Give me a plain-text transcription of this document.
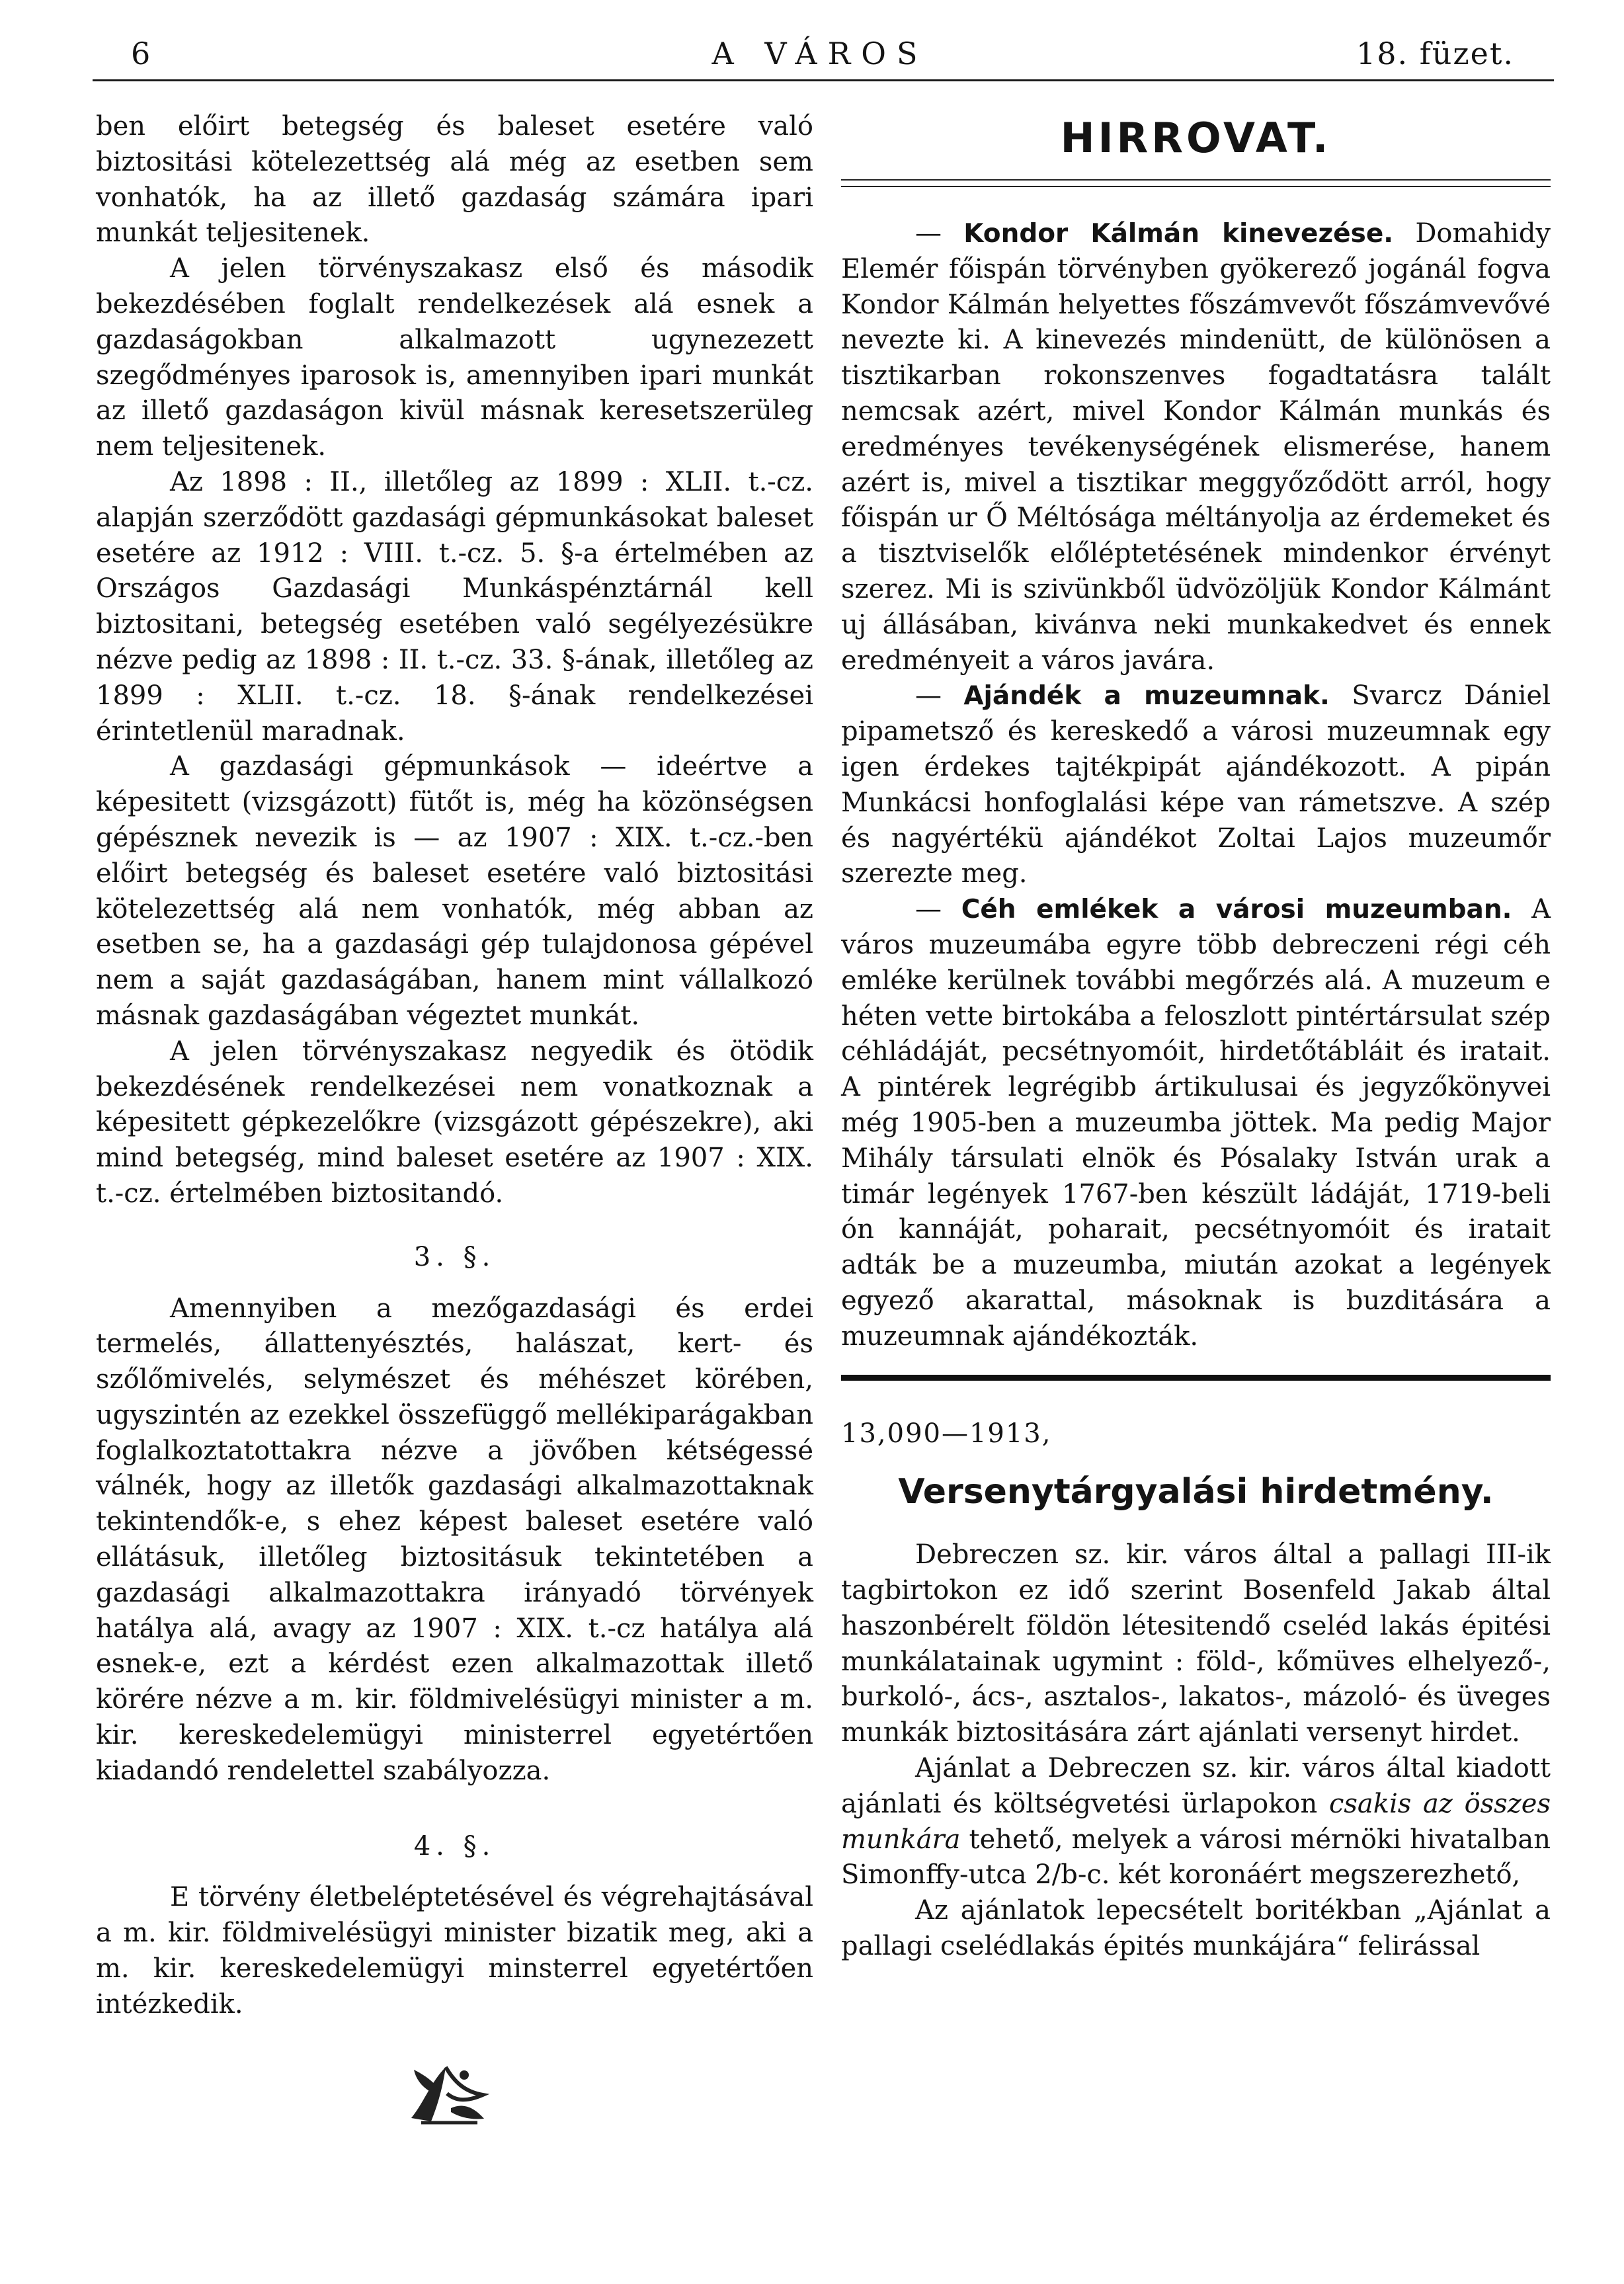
6	A VÁROS	18. füzet.

ben előirt betegség és baleset esetére való biztositási kötelezettség alá még az esetben sem vonhatók, ha az illető gazdaság számára ipari munkát teljesitenek.

A jelen törvényszakasz első és második bekezdésében foglalt rendelkezések alá esnek a gazdaságokban alkalmazott ugynezezett szegődményes iparosok is, amennyiben ipari munkát az illető gazdaságon kivül másnak keresetszerüleg nem teljesitenek.

Az 1898 : II., illetőleg az 1899 : XLII. t.-cz. alapján szerződött gazdasági gépmunkásokat baleset esetére az 1912 : VIII. t.-cz. 5. §-a értelmében az Országos Gazdasági Munkáspénztárnál kell biztositani, betegség esetében való segélyezésükre nézve pedig az 1898 : II. t.-cz. 33. §-ának, illetőleg az 1899 : XLII. t.-cz. 18. §-ának rendelkezései érintetlenül maradnak.

A gazdasági gépmunkások — ideértve a képesitett (vizsgázott) fütőt is, még ha közönségsen gépésznek nevezik is — az 1907 : XIX. t.-cz.-ben előirt betegség és baleset esetére való biztositási kötelezettség alá nem vonhatók, még abban az esetben se, ha a gazdasági gép tulajdonosa gépével nem a saját gazdaságában, hanem mint vállalkozó másnak gazdaságában végeztet munkát.

A jelen törvényszakasz negyedik és ötödik bekezdésének rendelkezései nem vonatkoznak a képesitett gépkezelőkre (vizsgázott gépészekre), aki mind betegség, mind baleset esetére az 1907 : XIX. t.-cz. értelmében biztositandó.

3. §.

Amennyiben a mezőgazdasági és erdei termelés, állattenyésztés, halászat, kert- és szőlőmivelés, selymészet és méhészet körében, ugyszintén az ezekkel összefüggő mellékiparágakban foglalkoztatottakra nézve a jövőben kétségessé válnék, hogy az illetők gazdasági alkalmazottaknak tekintendők-e, s ehez képest baleset esetére való ellátásuk, illetőleg biztositásuk tekintetében a gazdasági alkalmazottakra irányadó törvények hatálya alá, avagy az 1907 : XIX. t.-cz hatálya alá esnek-e, ezt a kérdést ezen alkalmazottak illető körére nézve a m. kir. földmivelésügyi minister a m. kir. kereskedelemügyi ministerrel egyetértően kiadandó rendelettel szabályozza.

4. §.

E törvény életbeléptetésével és végrehajtásával a m. kir. földmivelésügyi minister bizatik meg, aki a m. kir. kereskedelemügyi minsterrel egyetértően intézkedik.

HIRROVAT.

— Kondor Kálmán kinevezése. Domahidy Elemér főispán törvényben gyökerező jogánál fogva Kondor Kálmán helyettes főszámvevőt főszámvevővé nevezte ki. A kinevezés mindenütt, de különösen a tisztikarban rokonszenves fogadtatásra talált nemcsak azért, mivel Kondor Kálmán munkás és eredményes tevékenységének elismerése, hanem azért is, mivel a tisztikar meggyőződött arról, hogy főispán ur Ő Méltósága méltányolja az érdemeket és a tisztviselők előléptetésének mindenkor érvényt szerez. Mi is szivünkből üdvözöljük Kondor Kálmánt uj állásában, kivánva neki munkakedvet és ennek eredményeit a város javára.

— Ajándék a muzeumnak. Svarcz Dániel pipametsző és kereskedő a városi muzeumnak egy igen érdekes tajtékpipát ajándékozott. A pipán Munkácsi honfoglalási képe van rámetszve. A szép és nagyértékü ajándékot Zoltai Lajos muzeumőr szerezte meg.

— Céh emlékek a városi muzeumban. A város muzeumába egyre több debreczeni régi céh emléke kerülnek további megőrzés alá. A muzeum e héten vette birtokába a feloszlott pintértársulat szép céhládáját, pecsétnyomóit, hirdetőtábláit és iratait. A pintérek legrégibb ártikulusai és jegyzőkönyvei még 1905-ben a muzeumba jöttek. Ma pedig Major Mihály társulati elnök és Pósalaky István urak a timár legények 1767-ben készült ládáját, 1719-beli ón kannáját, poharait, pecsétnyomóit és iratait adták be a muzeumba, miután azokat a legények egyező akarattal, másoknak is buzditására a muzeumnak ajándékozták.

13,090—1913,

Versenytárgyalási hirdetmény.

Debreczen sz. kir. város által a pallagi III-ik tagbirtokon ez idő szerint Bosenfeld Jakab által haszonbérelt földön létesitendő cseléd lakás épitési munkálatainak ugymint : föld-, kőmüves elhelyező-, burkoló-, ács-, asztalos-, lakatos-, mázoló- és üveges munkák biztositására zárt ajánlati versenyt hirdet.

Ajánlat a Debreczen sz. kir. város által kiadott ajánlati és költségvetési ürlapokon csakis az összes munkára tehető, melyek a városi mérnöki hivatalban Simonffy-utca 2/b-c. két koronáért megszerezhető,

Az ajánlatok lepecsételt boritékban „Ajánlat a pallagi cselédlakás épités munkájára“ felirással
